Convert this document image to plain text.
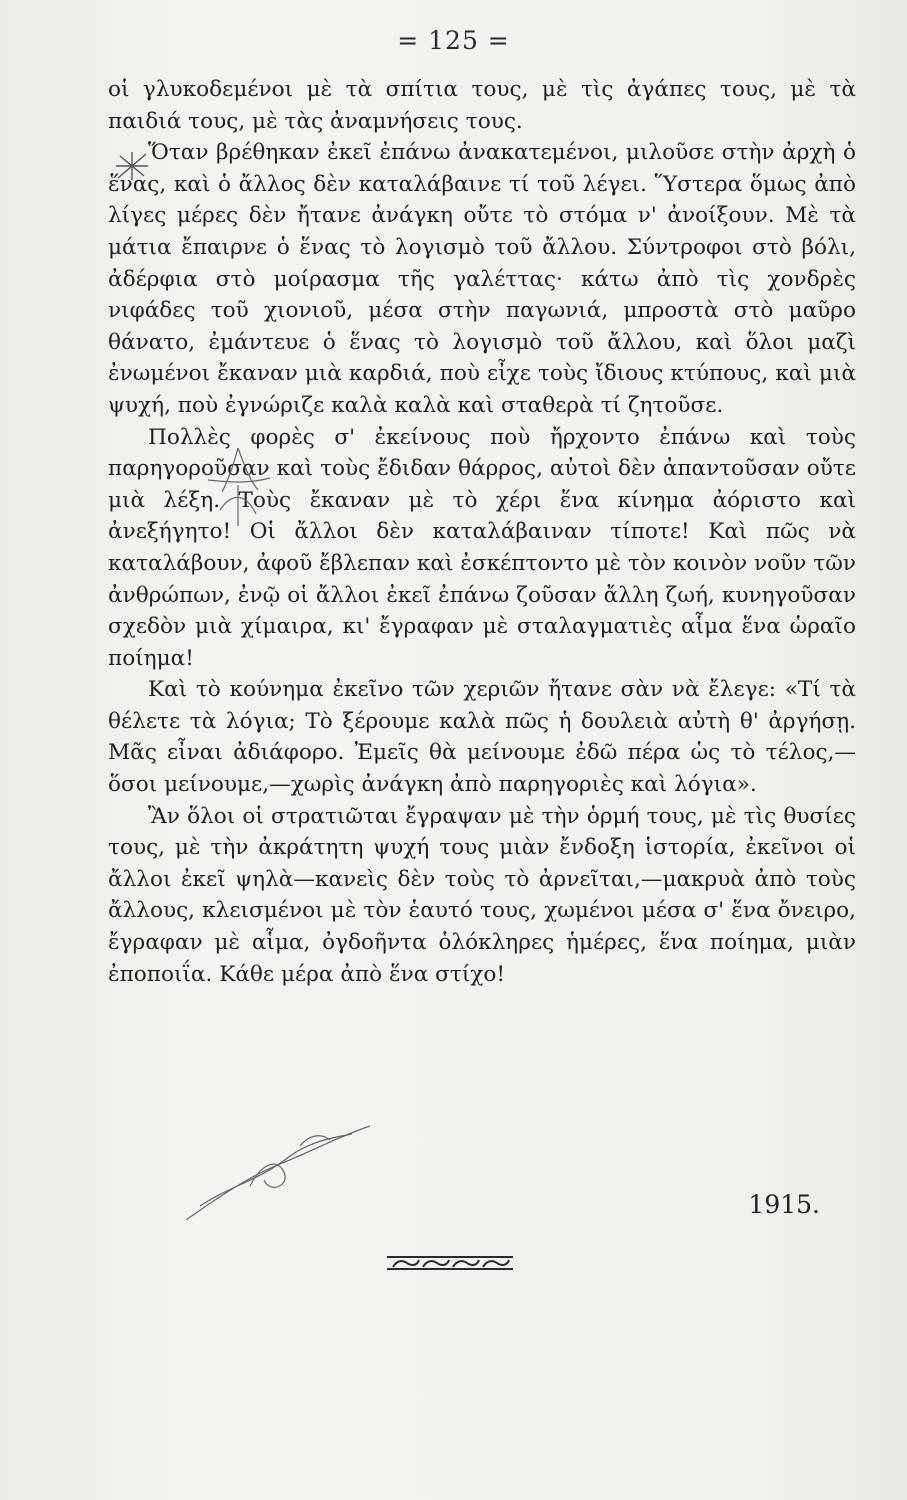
= 125 =

οἱ γλυκοδεμένοι μὲ τὰ σπίτια τους, μὲ τὶς ἀγάπες τους, μὲ τὰ παιδιά τους, μὲ τὰς ἀναμνήσεις τους.

Ὅταν βρέθηκαν ἐκεῖ ἐπάνω ἀνακατεμένοι, μιλοῦσε στὴν ἀρχὴ ὁ ἕνας, καὶ ὁ ἄλλος δὲν καταλάβαινε τί τοῦ λέγει. Ὕστερα ὅμως ἀπὸ λίγες μέρες δὲν ἤτανε ἀνάγκη οὔτε τὸ στόμα ν' ἀνοίξουν. Μὲ τὰ μάτια ἔπαιρνε ὁ ἕνας τὸ λογισμὸ τοῦ ἄλλου. Σύντροφοι στὸ βόλι, ἀδέρφια στὸ μοίρασμα τῆς γαλέττας· κάτω ἀπὸ τὶς χονδρὲς νιφάδες τοῦ χιονιοῦ, μέσα στὴν παγωνιά, μπροστὰ στὸ μαῦρο θάνατο, ἐμάντευε ὁ ἕνας τὸ λογισμὸ τοῦ ἄλλου, καὶ ὅλοι μαζὶ ἐνωμένοι ἔκαναν μιὰ καρδιά, ποὺ εἶχε τοὺς ἴδιους κτύπους, καὶ μιὰ ψυχή, ποὺ ἐγνώριζε καλὰ καλὰ καὶ σταθερὰ τί ζητοῦσε.

Πολλὲς φορὲς σ' ἐκείνους ποὺ ἤρχοντο ἐπάνω καὶ τοὺς παρηγοροῦσαν καὶ τοὺς ἔδιδαν θάρρος, αὐτοὶ δὲν ἀπαντοῦσαν οὔτε μιὰ λέξη. Τοὺς ἔκαναν μὲ τὸ χέρι ἕνα κίνημα ἀόριστο καὶ ἀνεξήγητο! Οἱ ἄλλοι δὲν καταλάβαιναν τίποτε! Καὶ πῶς νὰ καταλάβουν, ἀφοῦ ἔβλεπαν καὶ ἐσκέπτοντο μὲ τὸν κοινὸν νοῦν τῶν ἀνθρώπων, ἐνῷ οἱ ἄλλοι ἐκεῖ ἐπάνω ζοῦσαν ἄλλη ζωή, κυνηγοῦσαν σχεδὸν μιὰ χίμαιρα, κι' ἔγραφαν μὲ σταλαγματιὲς αἷμα ἕνα ὡραῖο ποίημα!

Καὶ τὸ κούνημα ἐκεῖνο τῶν χεριῶν ἤτανε σὰν νὰ ἔλεγε: «Τί τὰ θέλετε τὰ λόγια; Τὸ ξέρουμε καλὰ πῶς ἡ δουλειὰ αὐτὴ θ' ἀργήσῃ. Μᾶς εἶναι ἀδιάφορο. Ἐμεῖς θὰ μείνουμε ἐδῶ πέρα ὡς τὸ τέλος,—ὅσοι μείνουμε,—χωρὶς ἀνάγκη ἀπὸ παρηγοριὲς καὶ λόγια».

Ἂν ὅλοι οἱ στρατιῶται ἔγραψαν μὲ τὴν ὁρμή τους, μὲ τὶς θυσίες τους, μὲ τὴν ἀκράτητη ψυχή τους μιὰν ἔνδοξη ἱστορία, ἐκεῖνοι οἱ ἄλλοι ἐκεῖ ψηλὰ—κανεὶς δὲν τοὺς τὸ ἀρνεῖται,—μακρυὰ ἀπὸ τοὺς ἄλλους, κλεισμένοι μὲ τὸν ἑαυτό τους, χωμένοι μέσα σ' ἕνα ὄνειρο, ἔγραφαν μὲ αἷμα, ὀγδοῆντα ὁλόκληρες ἡμέρες, ἕνα ποίημα, μιὰν ἐποποιΐα. Κάθε μέρα ἀπὸ ἕνα στίχο!

1915.
